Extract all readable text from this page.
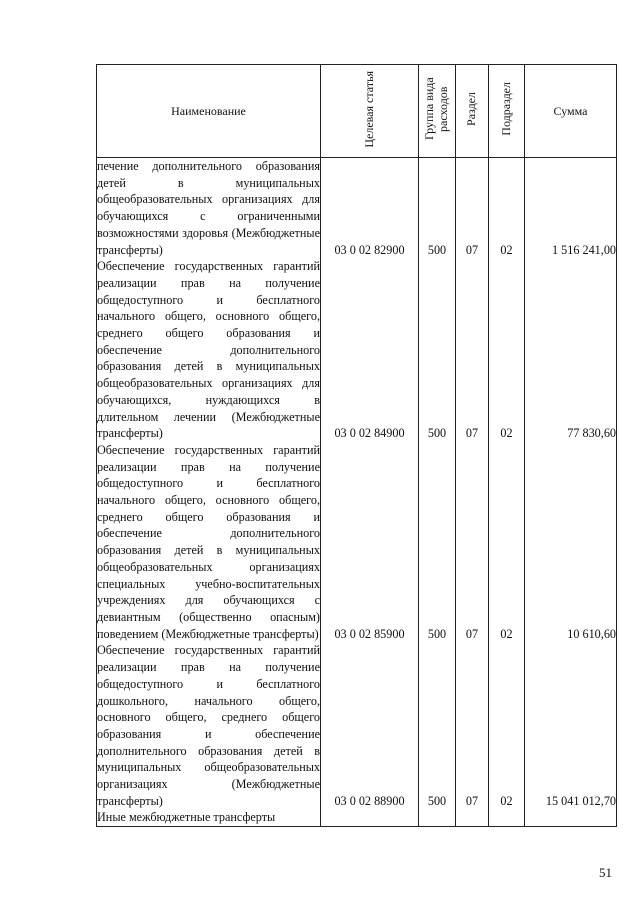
Наименование	Целевая статья	Группа вида расходов	Раздел	Подраздел	Сумма
печение дополнительного образования детей в муниципальных общеобразовательных организациях для обучающихся с ограниченными возможностями здоровья (Межбюджетные трансферты)	03 0 02 82900	500	07	02	1 516 241,00
Обеспечение государственных гарантий реализации прав на получение общедоступного и бесплатного начального общего, основного общего, среднего общего образования и обеспечение дополнительного образования детей в муниципальных общеобразовательных организациях для обучающихся, нуждающихся в длительном лечении (Межбюджетные трансферты)	03 0 02 84900	500	07	02	77 830,60
Обеспечение государственных гарантий реализации прав на получение общедоступного и бесплатного начального общего, основного общего, среднего общего образования и обеспечение дополнительного образования детей в муниципальных общеобразовательных организациях специальных учебно-воспитательных учреждениях для обучающихся с девиантным (общественно опасным) поведением (Межбюджетные трансферты)	03 0 02 85900	500	07	02	10 610,60
Обеспечение государственных гарантий реализации прав на получение общедоступного и бесплатного дошкольного, начального общего, основного общего, среднего общего образования и обеспечение дополнительного образования детей в муниципальных общеобразовательных организациях (Межбюджетные трансферты)	03 0 02 88900	500	07	02	15 041 012,70
Иные межбюджетные трансферты					
51
